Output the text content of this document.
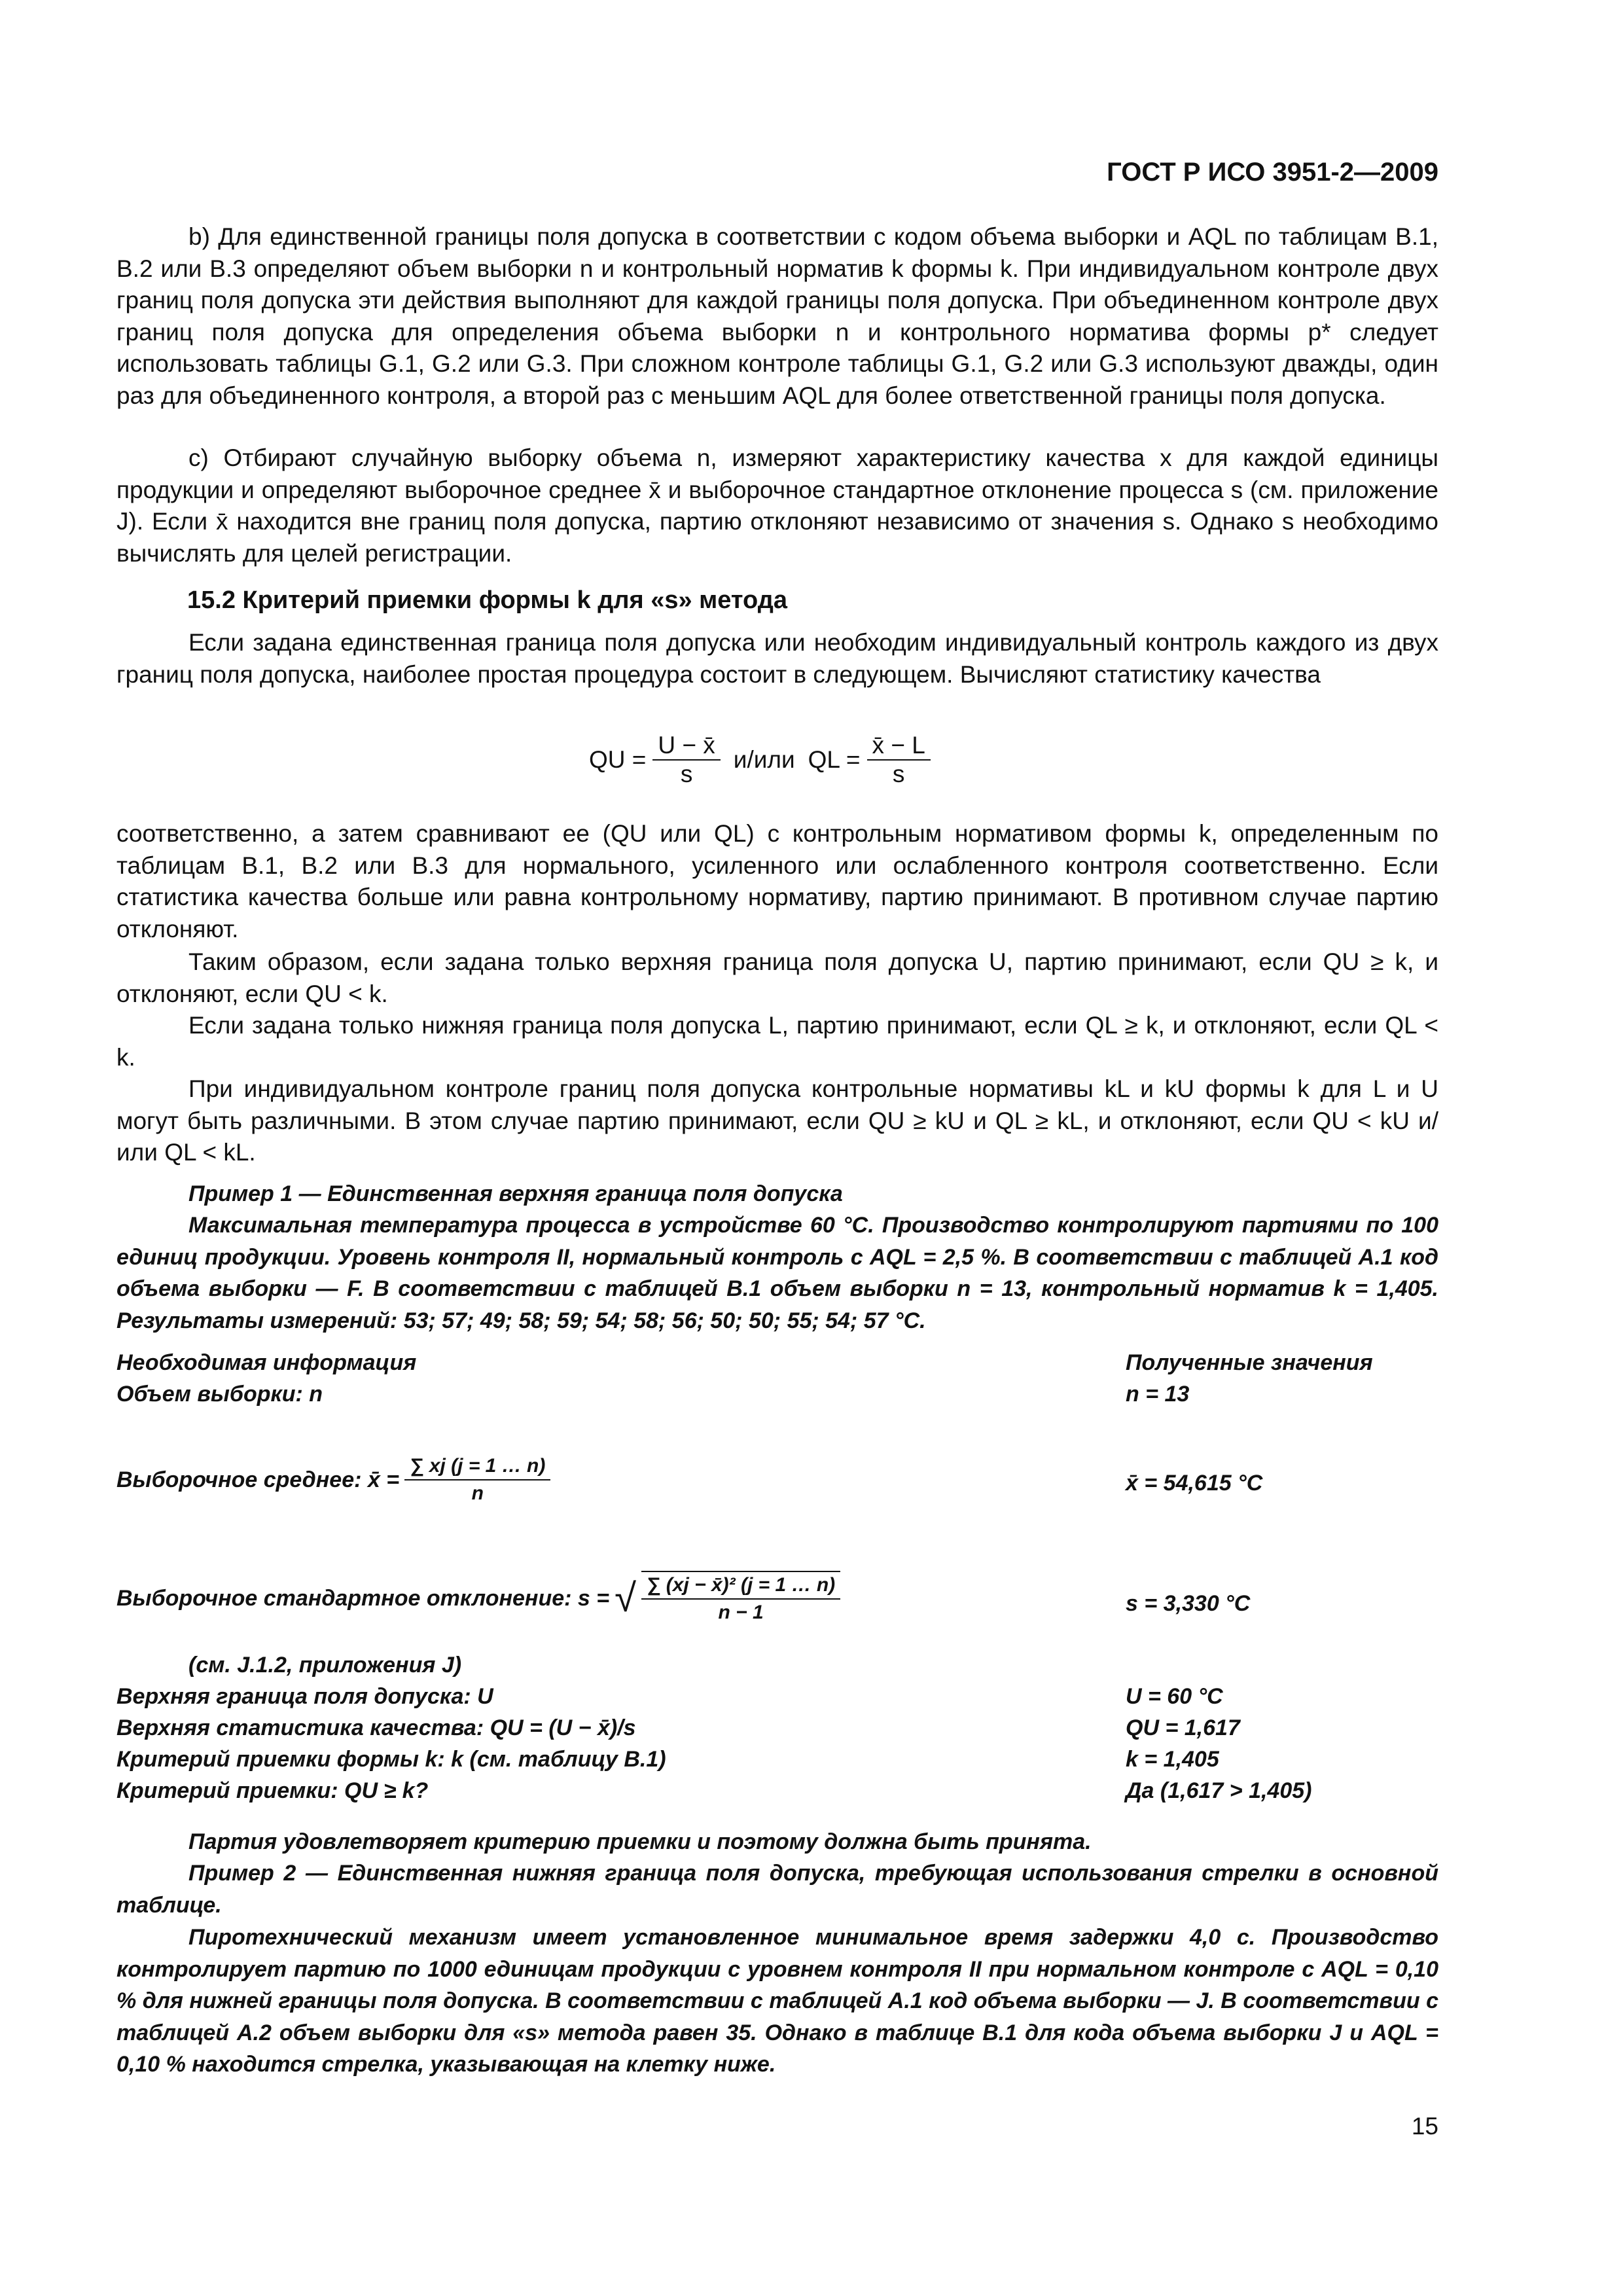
ГОСТ Р ИСО 3951-2—2009
b) Для единственной границы поля допуска в соответствии с кодом объема выборки и AQL по таблицам B.1, B.2 или B.3 определяют объем выборки n и контрольный норматив k формы k. При индивидуальном контроле двух границ поля допуска эти действия выполняют для каждой границы поля допуска. При объединенном контроле двух границ поля допуска для определения объема выборки n и контрольного норматива формы p* следует использовать таблицы G.1, G.2 или G.3. При сложном контроле таблицы G.1, G.2 или G.3 используют дважды, один раз для объединенного контроля, а второй раз с меньшим AQL для более ответственной границы поля допуска.
c) Отбирают случайную выборку объема n, измеряют характеристику качества x для каждой единицы продукции и определяют выборочное среднее x̄ и выборочное стандартное отклонение процесса s (см. приложение J). Если x̄ находится вне границ поля допуска, партию отклоняют независимо от значения s. Однако s необходимо вычислять для целей регистрации.
15.2 Критерий приемки формы k для «s» метода
Если задана единственная граница поля допуска или необходим индивидуальный контроль каждого из двух границ поля допуска, наиболее простая процедура состоит в следующем. Вычисляют статистику качества
QU = $\frac{U - x̄}{s} и/или$ QL = $\frac{x̄ - L}{s}$
соответственно, а затем сравнивают ее (QU или QL) с контрольным нормативом формы k, определенным по таблицам B.1, B.2 или B.3 для нормального, усиленного или ослабленного контроля соответственно. Если статистика качества больше или равна контрольному нормативу, партию принимают. В противном случае партию отклоняют.
Таким образом, если задана только верхняя граница поля допуска U, партию принимают, если QU ≥ k, и отклоняют, если QU < k.
Если задана только нижняя граница поля допуска L, партию принимают, если QL ≥ k, и отклоняют, если QL < k.
При индивидуальном контроле границ поля допуска контрольные нормативы kL и kU формы k для L и U могут быть различными. В этом случае партию принимают, если QU ≥ kU и QL ≥ kL, и отклоняют, если QU < kU и/или QL < kL.
Пример 1 — Единственная верхняя граница поля допуска
Максимальная температура процесса в устройстве 60 °C. Производство контролируют партиями по 100 единиц продукции. Уровень контроля II, нормальный контроль с AQL = 2,5 %. В соответствии с таблицей А.1 код объема выборки — F. В соответствии с таблицей B.1 объем выборки n = 13, контрольный норматив k = 1,405. Результаты измерений: 53; 57; 49; 58; 59; 54; 58; 56; 50; 50; 55; 54; 57 °C.
Необходимая информация	Полученные значения
Объем выборки: n	n = 13
Выборочное среднее: x̄ = $\frac{\sum xj (j = 1 \dots n)}{n}$	x̄ = 54,615 °C
Выборочное стандартное отклонение: s = √ $\frac{\text{∑ (xj − x̄)² (j = 1 … n)}}{n - 1}$	s = 3,330 °C
(см. J.1.2, приложения J)
Верхняя граница поля допуска: U	U = 60 °C
Верхняя статистика качества: QU = (U − x̄)/s	QU = 1,617
Критерий приемки формы k: k (см. таблицу B.1)	k = 1,405
Критерий приемки: QU ≥ k?	Да (1,617 > 1,405)
Партия удовлетворяет критерию приемки и поэтому должна быть принята.
Пример 2 — Единственная нижняя граница поля допуска, требующая использования стрелки в основной таблице.
Пиротехнический механизм имеет установленное минимальное время задержки 4,0 с. Производство контролирует партию по 1000 единицам продукции с уровнем контроля II при нормальном контроле с AQL = 0,10 % для нижней границы поля допуска. В соответствии с таблицей А.1 код объема выборки — J. В соответствии с таблицей А.2 объем выборки для «s» метода равен 35. Однако в таблице B.1 для кода объема выборки J и AQL = 0,10 % находится стрелка, указывающая на клетку ниже.
15
